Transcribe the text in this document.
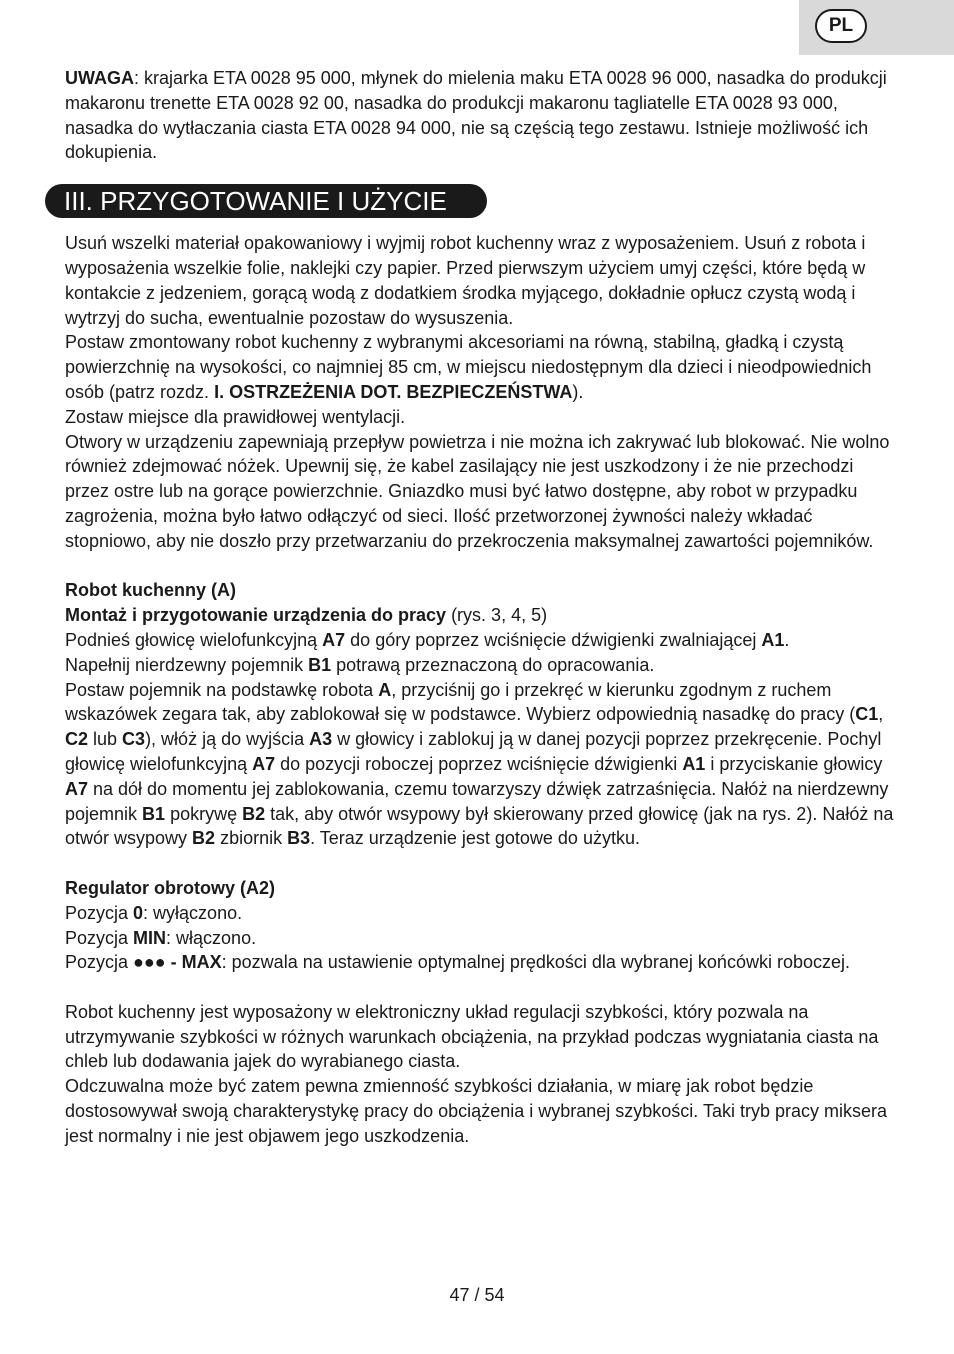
PL

UWAGA: krajarka ETA 0028 95 000, młynek do mielenia maku ETA 0028 96 000, nasadka do produkcji makaronu trenette ETA 0028 92 00, nasadka do produkcji makaronu tagliatelle ETA 0028 93 000, nasadka do wytłaczania ciasta ETA 0028 94 000, nie są częścią tego zestawu. Istnieje możliwość ich dokupienia.

III. PRZYGOTOWANIE I UŻYCIE

Usuń wszelki materiał opakowaniowy i wyjmij robot kuchenny wraz z wyposażeniem. Usuń z robota i wyposażenia wszelkie folie, naklejki czy papier. Przed pierwszym użyciem umyj części, które będą w kontakcie z jedzeniem, gorącą wodą z dodatkiem środka myjącego, dokładnie opłucz czystą wodą i wytrzyj do sucha, ewentualnie pozostaw do wysuszenia.

Postaw zmontowany robot kuchenny z wybranymi akcesoriami na równą, stabilną, gładką i czystą powierzchnię na wysokości, co najmniej 85 cm, w miejscu niedostępnym dla dzieci i nieodpowiednich osób (patrz rozdz. I. OSTRZEŻENIA DOT. BEZPIECZEŃSTWA).

Zostaw miejsce dla prawidłowej wentylacji.

Otwory w urządzeniu zapewniają przepływ powietrza i nie można ich zakrywać lub blokować. Nie wolno również zdejmować nóżek. Upewnij się, że kabel zasilający nie jest uszkodzony i że nie przechodzi przez ostre lub na gorące powierzchnie. Gniazdko musi być łatwo dostępne, aby robot w przypadku zagrożenia, można było łatwo odłączyć od sieci. Ilość przetworzonej żywności należy wkładać stopniowo, aby nie doszło przy przetwarzaniu do przekroczenia maksymalnej zawartości pojemników.

Robot kuchenny (A)

Montaż i przygotowanie urządzenia do pracy (rys. 3, 4, 5)

Podnieś głowicę wielofunkcyjną A7 do góry poprzez wciśnięcie dźwigienki zwalniającej A1.

Napełnij nierdzewny pojemnik B1 potrawą przeznaczoną do opracowania.

Postaw pojemnik na podstawkę robota A, przyciśnij go i przekręć w kierunku zgodnym z ruchem wskazówek zegara tak, aby zablokował się w podstawce. Wybierz odpowiednią nasadkę do pracy (C1, C2 lub C3), włóż ją do wyjścia A3 w głowicy i zablokuj ją w danej pozycji poprzez przekręcenie. Pochyl głowicę wielofunkcyjną A7 do pozycji roboczej poprzez wciśnięcie dźwigienki A1 i przyciskanie głowicy A7 na dół do momentu jej zablokowania, czemu towarzyszy dźwięk zatrzaśnięcia. Nałóż na nierdzewny pojemnik B1 pokrywę B2 tak, aby otwór wsypowy był skierowany przed głowicę (jak na rys. 2). Nałóż na otwór wsypowy B2 zbiornik B3. Teraz urządzenie jest gotowe do użytku.

Regulator obrotowy (A2)

Pozycja 0: wyłączono.

Pozycja MIN: włączono.

Pozycja ●●● - MAX: pozwala na ustawienie optymalnej prędkości dla wybranej końcówki roboczej.

Robot kuchenny jest wyposażony w elektroniczny układ regulacji szybkości, który pozwala na utrzymywanie szybkości w różnych warunkach obciążenia, na przykład podczas wygniatania ciasta na chleb lub dodawania jajek do wyrabianego ciasta.

Odczuwalna może być zatem pewna zmienność szybkości działania, w miarę jak robot będzie dostosowywał swoją charakterystykę pracy do obciążenia i wybranej szybkości. Taki tryb pracy miksera jest normalny i nie jest objawem jego uszkodzenia.

47 / 54
